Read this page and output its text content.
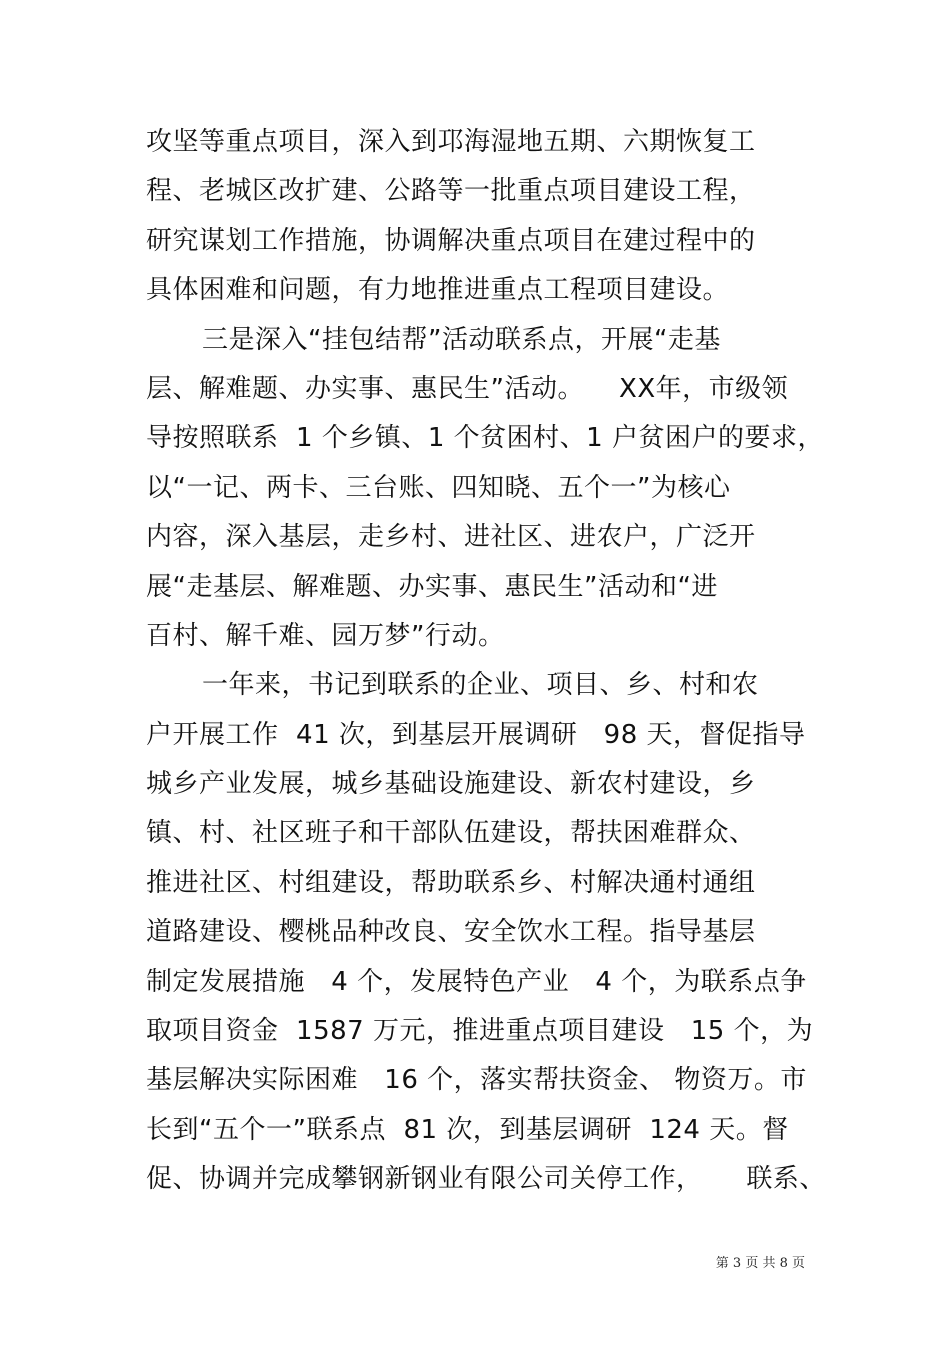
攻坚等重点项目，深入到邛海湿地五期、六期恢复工
程、老城区改扩建、公路等一批重点项目建设工程，
研究谋划工作措施，协调解决重点项目在建过程中的
具体困难和问题，有力地推进重点工程项目建设。
三是深入“挂包结帮”活动联系点，开展“走基
层、解难题、办实事、惠民生”活动。    XX年，市级领
导按照联系  1 个乡镇、1 个贫困村、1 户贫困户的要求，
以“一记、两卡、三台账、四知晓、五个一”为核心
内容，深入基层，走乡村、进社区、进农户，广泛开
展“走基层、解难题、办实事、惠民生”活动和“进
百村、解千难、园万梦”行动。
一年来，书记到联系的企业、项目、乡、村和农
户开展工作  41 次，到基层开展调研   98 天，督促指导
城乡产业发展，城乡基础设施建设、新农村建设，乡
镇、村、社区班子和干部队伍建设，帮扶困难群众、
推进社区、村组建设，帮助联系乡、村解决通村通组
道路建设、樱桃品种改良、安全饮水工程。指导基层
制定发展措施   4 个，发展特色产业   4 个，为联系点争
取项目资金  1587 万元，推进重点项目建设   15 个，为
基层解决实际困难   16 个，落实帮扶资金、 物资万。市
长到“五个一”联系点  81 次，到基层调研  124 天。督
促、协调并完成攀钢新钢业有限公司关停工作，     联系、
第 3 页 共 8 页
